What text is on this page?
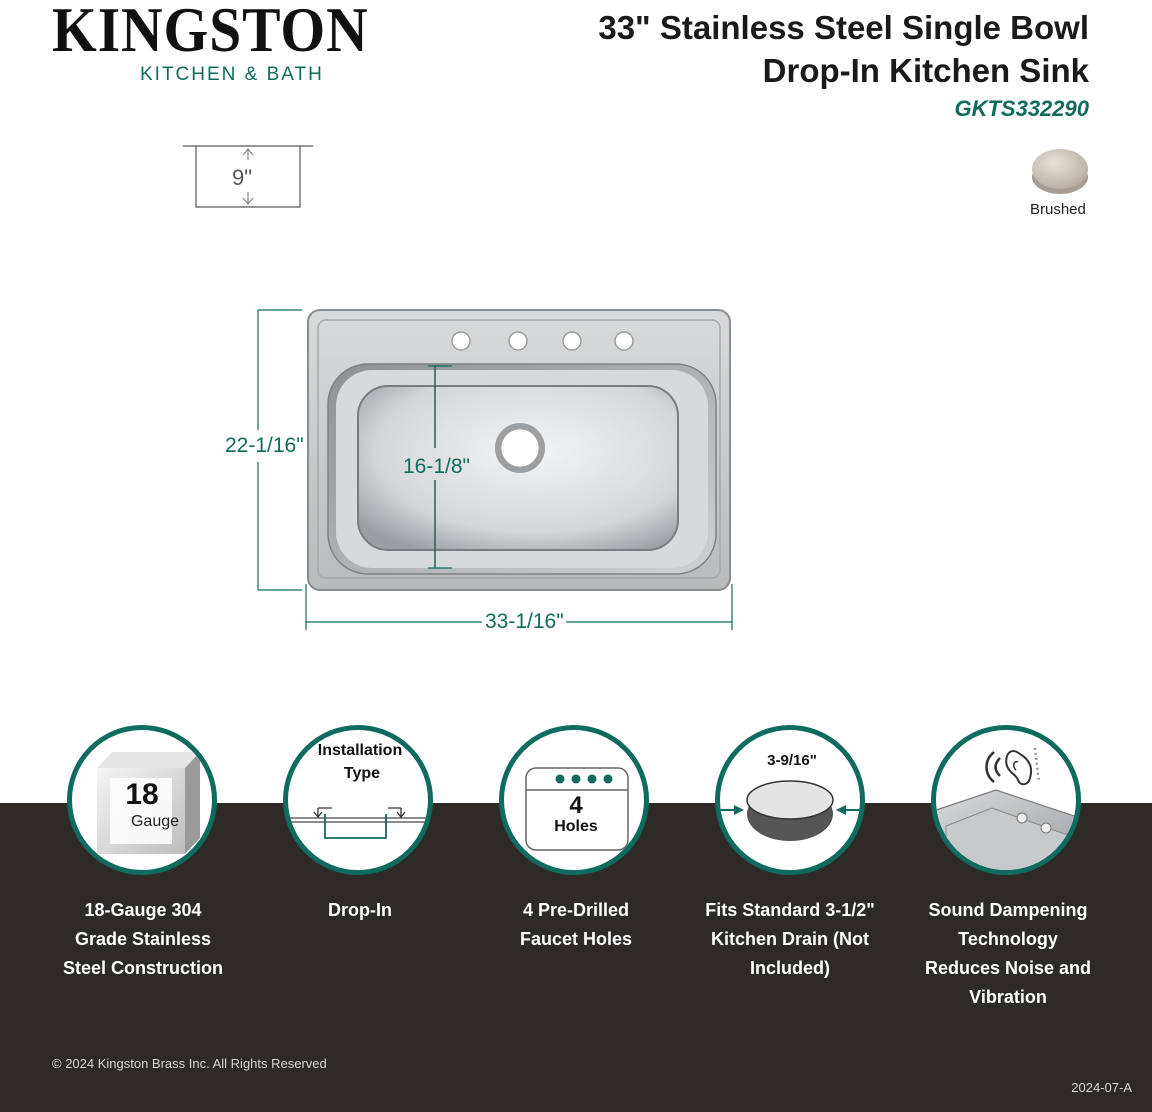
KINGSTON
KITCHEN & BATH
33" Stainless Steel Single Bowl
Drop-In Kitchen Sink
GKTS332290
Brushed
9"
22-1/16"
16-1/8"
33-1/16"
18
Gauge
18-Gauge 304
Grade Stainless
Steel Construction
Installation
Type
Drop-In
4
Holes
4 Pre-Drilled
Faucet Holes
3-9/16"
Fits Standard 3-1/2"
Kitchen Drain (Not
Included)
Sound Dampening
Technology
Reduces Noise and
Vibration
© 2024 Kingston Brass Inc. All Rights Reserved
2024-07-A
